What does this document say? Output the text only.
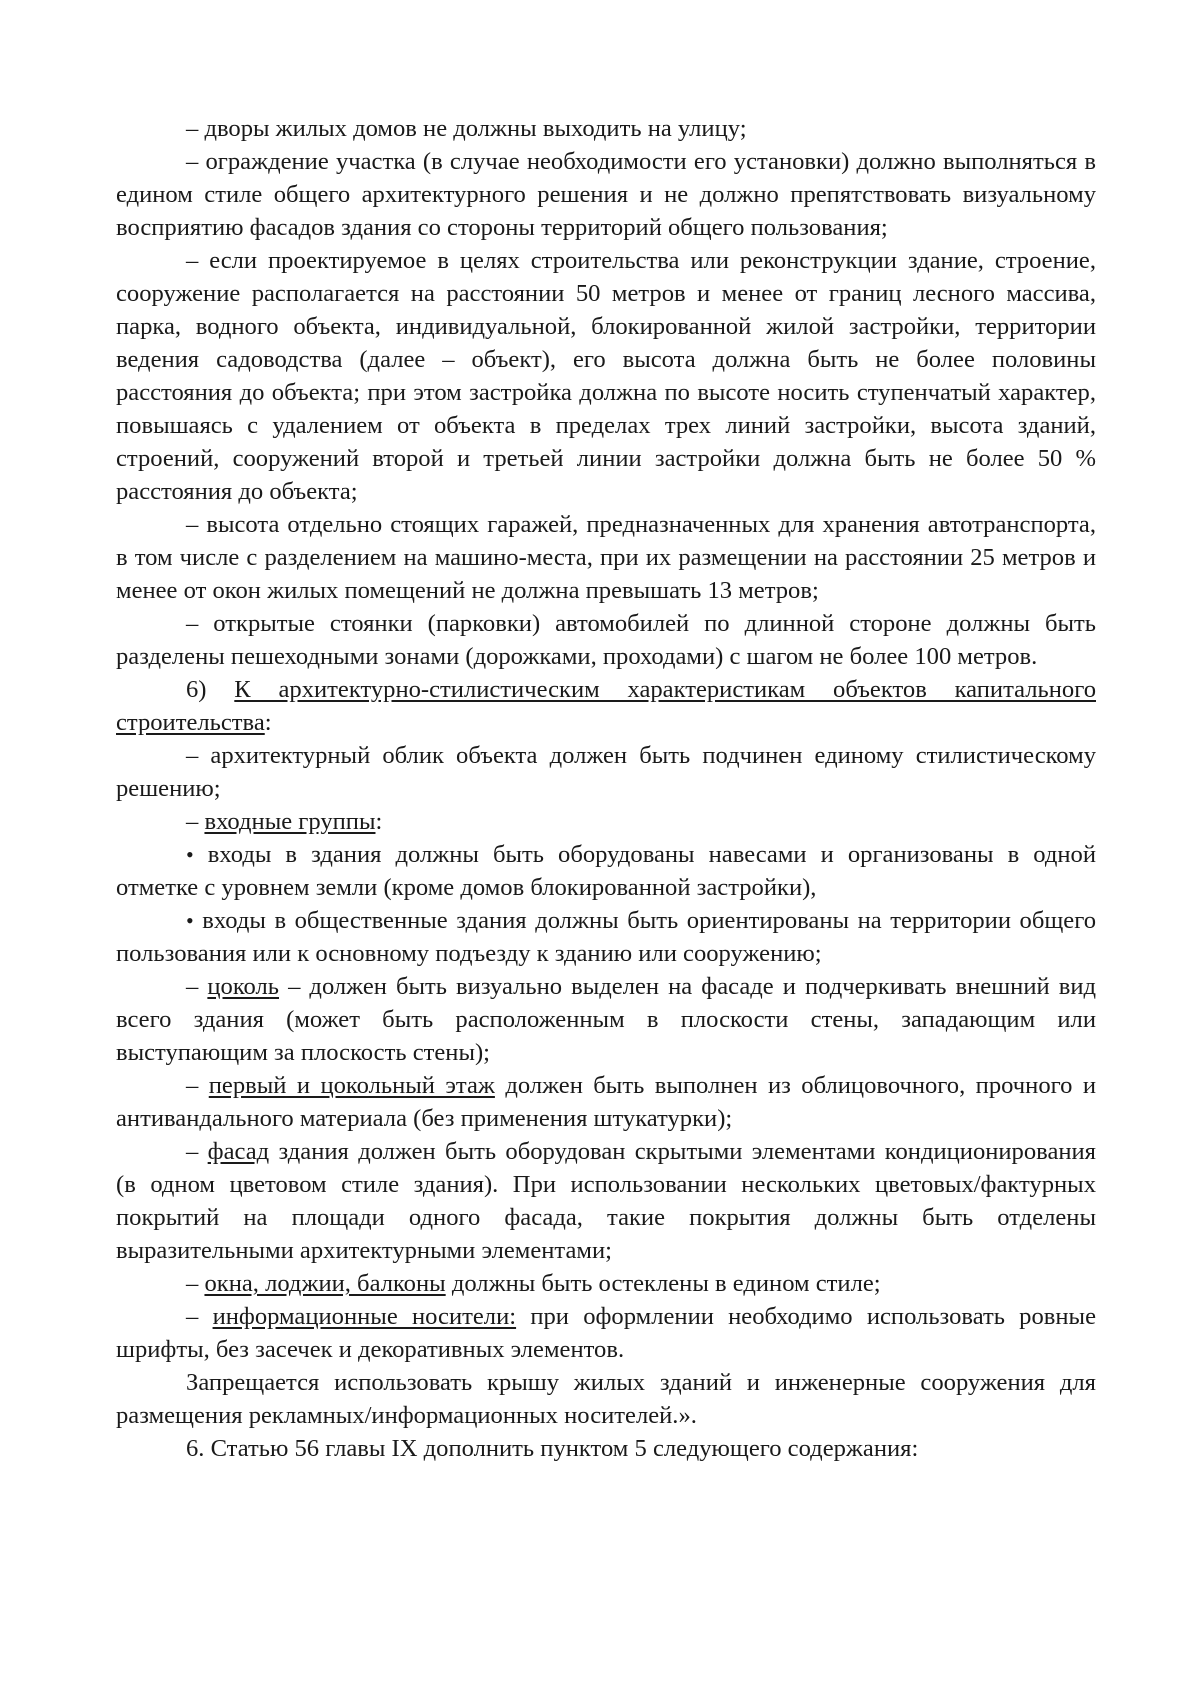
– дворы жилых домов не должны выходить на улицу;

– ограждение участка (в случае необходимости его установки) должно выполняться в едином стиле общего архитектурного решения и не должно препятствовать визуальному восприятию фасадов здания со стороны территорий общего пользования;

– если проектируемое в целях строительства или реконструкции здание, строение, сооружение располагается на расстоянии 50 метров и менее от границ лесного массива, парка, водного объекта, индивидуальной, блокированной жилой застройки, территории ведения садоводства (далее – объект), его высота должна быть не более половины расстояния до объекта; при этом застройка должна по высоте носить ступенчатый характер, повышаясь с удалением от объекта в пределах трех линий застройки, высота зданий, строений, сооружений второй и третьей линии застройки должна быть не более 50 % расстояния до объекта;

– высота отдельно стоящих гаражей, предназначенных для хранения автотранспорта, в том числе с разделением на машино-места, при их размещении на расстоянии 25 метров и менее от окон жилых помещений не должна превышать 13 метров;

– открытые стоянки (парковки) автомобилей по длинной стороне должны быть разделены пешеходными зонами (дорожками, проходами) с шагом не более 100 метров.

6) К архитектурно-стилистическим характеристикам объектов капитального строительства:

– архитектурный облик объекта должен быть подчинен единому стилистическому решению;

– входные группы:

• входы в здания должны быть оборудованы навесами и организованы в одной отметке с уровнем земли (кроме домов блокированной застройки),

• входы в общественные здания должны быть ориентированы на территории общего пользования или к основному подъезду к зданию или сооружению;

– цоколь – должен быть визуально выделен на фасаде и подчеркивать внешний вид всего здания (может быть расположенным в плоскости стены, западающим или выступающим за плоскость стены);

– первый и цокольный этаж должен быть выполнен из облицовочного, прочного и антивандального материала (без применения штукатурки);

– фасад здания должен быть оборудован скрытыми элементами кондиционирования (в одном цветовом стиле здания). При использовании нескольких цветовых/фактурных покрытий на площади одного фасада, такие покрытия должны быть отделены выразительными архитектурными элементами;

– окна, лоджии, балконы должны быть остеклены в едином стиле;

– информационные носители: при оформлении необходимо использовать ровные шрифты, без засечек и декоративных элементов.

Запрещается использовать крышу жилых зданий и инженерные сооружения для размещения рекламных/информационных носителей.».

6. Статью 56 главы IX дополнить пунктом 5 следующего содержания:
